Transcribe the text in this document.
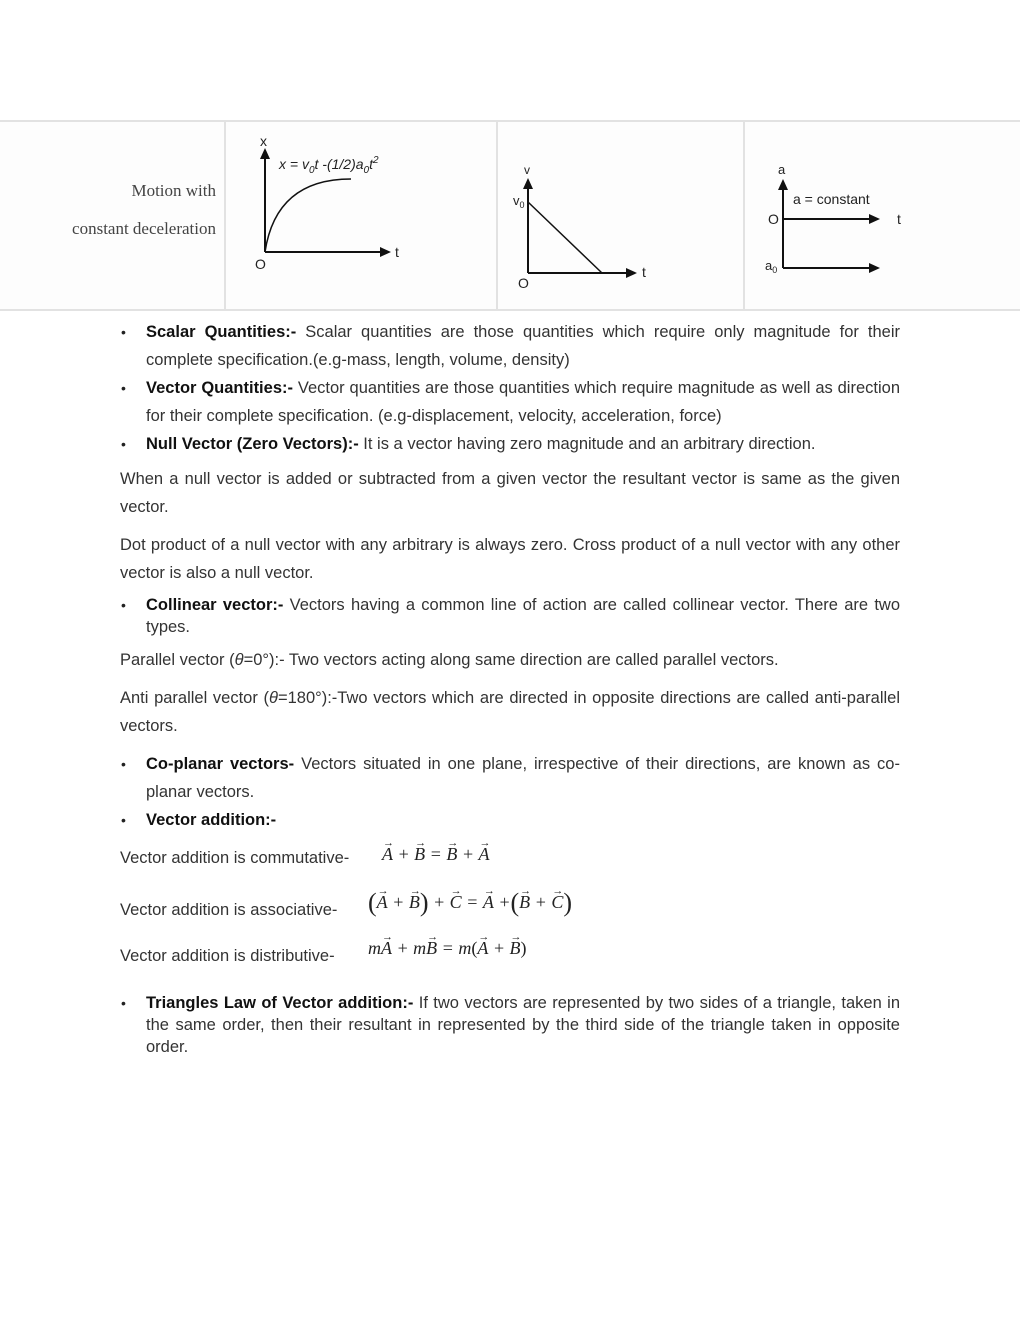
Motion with
constant deceleration
x
t
O
$x = v_0t$ $-(1/2)a_0t^2$
v
t
O
$v_0$
a
t
O
a = constant
$a_0$
• Scalar Quantities:- Scalar quantities are those quantities which require only magnitude for their complete specification.(e.g-mass, length, volume, density)
• Vector Quantities:- Vector quantities are those quantities which require magnitude as well as direction for their complete specification. (e.g-displacement, velocity, acceleration, force)
• Null Vector (Zero Vectors):- It is a vector having zero magnitude and an arbitrary direction.

When a null vector is added or subtracted from a given vector the resultant vector is same as the given vector.

Dot product of a null vector with any arbitrary is always zero. Cross product of a null vector with any other vector is also a null vector.

• Collinear vector:- Vectors having a common line of action are called collinear vector. There are two types.

Parallel vector (θ=0°):- Two vectors acting along same direction are called parallel vectors.

Anti parallel vector (θ=180°):-Two vectors which are directed in opposite directions are called anti-parallel vectors.

• Co-planar vectors- Vectors situated in one plane, irrespective of their directions, are known as co-planar vectors.
• Vector addition:-
Vector addition is commutative- A → + B → = B → + A →
Vector addition is associative- (A → + B →) + C → = A → +(B → + C →)
Vector addition is distributive- mA → + mB → = m(A → + B →)
• Triangles Law of Vector addition:- If two vectors are represented by two sides of a triangle, taken in the same order, then their resultant in represented by the third side of the triangle taken in opposite order.
